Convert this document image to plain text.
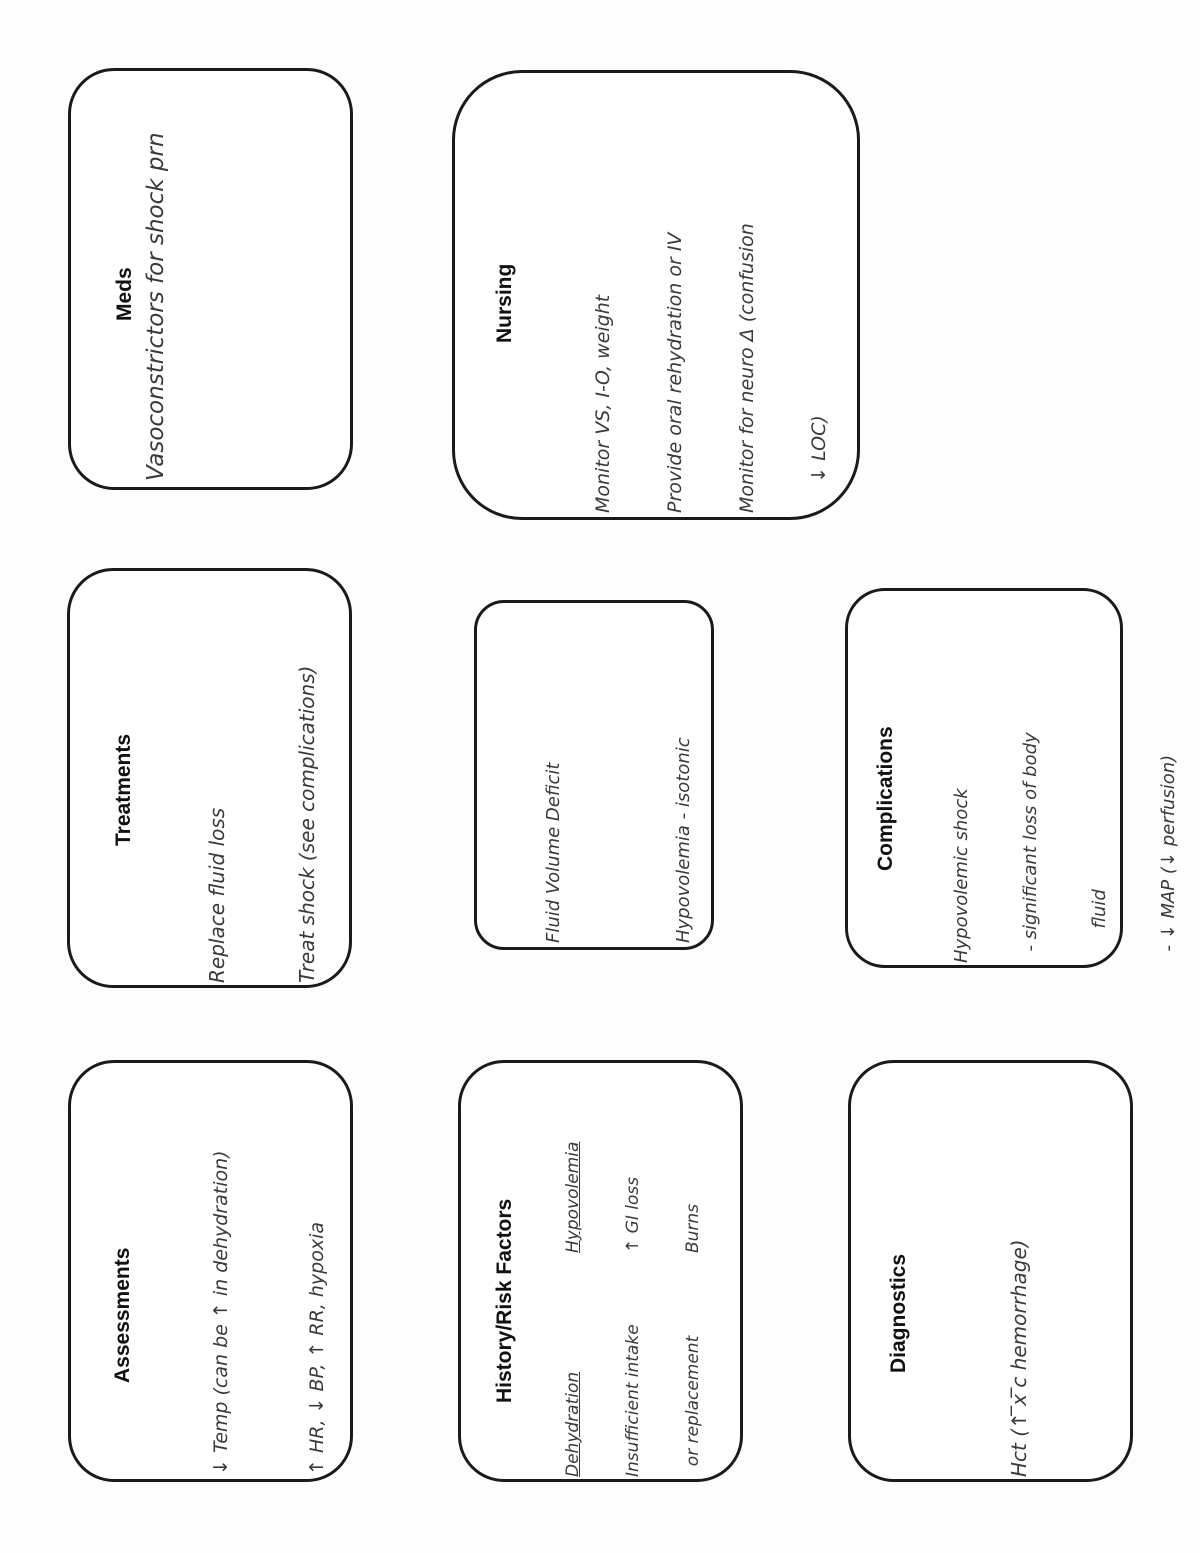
Meds Vasoconstrictors for shock prn	Nursing

	Monitor VS, I-O, weight

	Provide oral rehydration or IV

	Monitor for neuro Δ (confusion

	↓ LOC)

Treatments

Replace fluid loss

	Treat shock (see complications)

	Fluid Volume Deficit

	Hypovolemia - isotonic

	Complications

	Hypovolemic shock

	- significant loss of body

	fluid

	- ↓ MAP (↓ perfusion)

Assessments

	↓ Temp (can be ↑ in dehydration)

	↑ HR, ↓ BP, ↑ RR, hypoxia

	History/Risk Factors

Dehydration

Insufficient intake

or replacement

Hypovolemia

↑ GI loss

Burns

Diagnostics

	Hct (↑ ̅x ̅c hemorrhage)

	BUN   25
